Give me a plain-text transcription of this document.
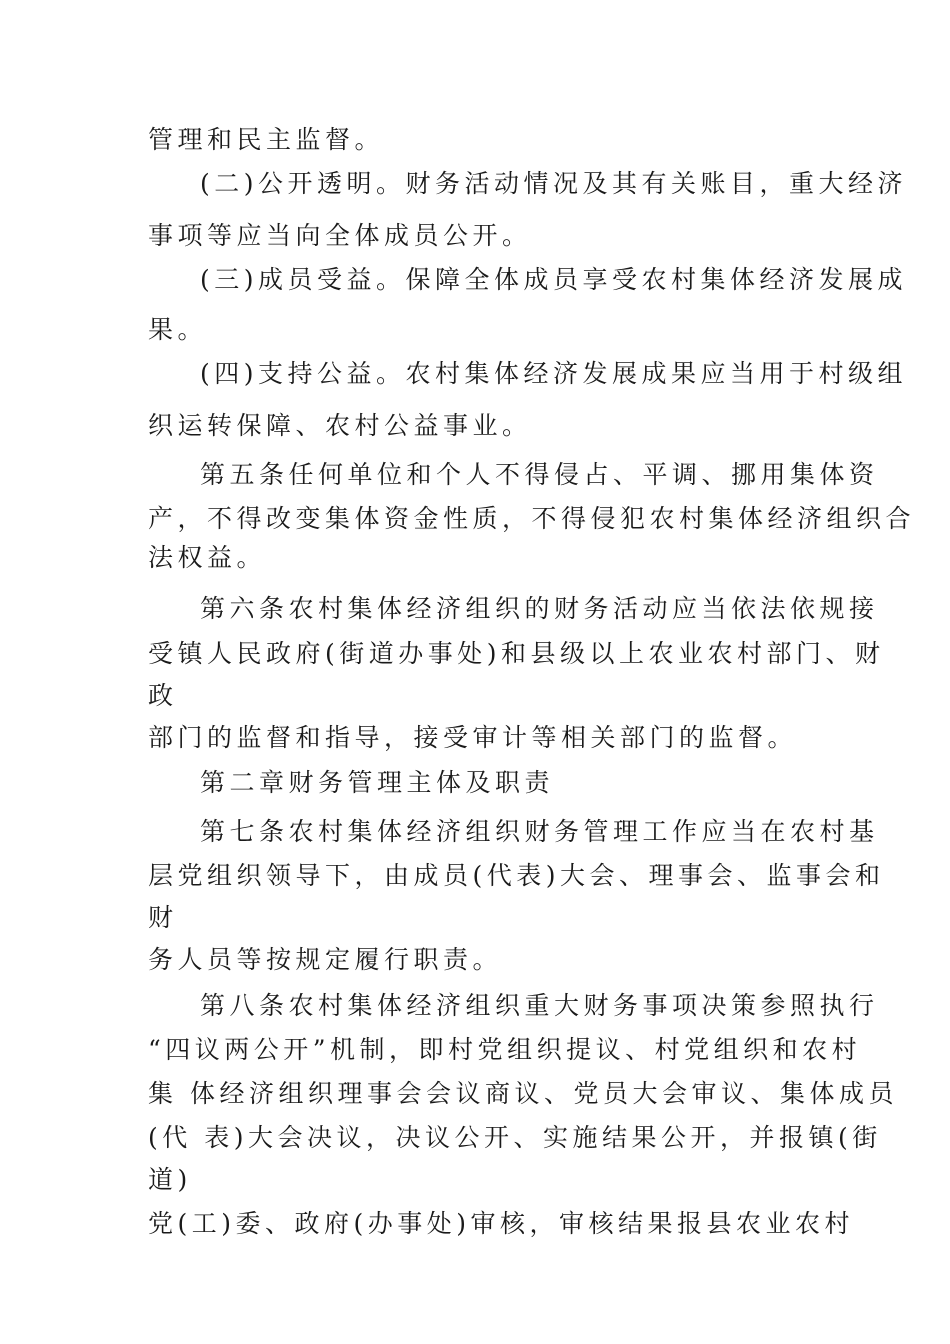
管理和民主监督。
(二)公开透明。财务活动情况及其有关账目，重大经济
事项等应当向全体成员公开。
(三)成员受益。保障全体成员享受农村集体经济发展成
果。
(四)支持公益。农村集体经济发展成果应当用于村级组
织运转保障、农村公益事业。
第五条任何单位和个人不得侵占、平调、挪用集体资
产，不得改变集体资金性质，不得侵犯农村集体经济组织合
法权益。
第六条农村集体经济组织的财务活动应当依法依规接
受镇人民政府(街道办事处)和县级以上农业农村部门、财
政
部门的监督和指导，接受审计等相关部门的监督。
第二章财务管理主体及职责
第七条农村集体经济组织财务管理工作应当在农村基
层党组织领导下，由成员(代表)大会、理事会、监事会和
财
务人员等按规定履行职责。
第八条农村集体经济组织重大财务事项决策参照执行
“四议两公开”机制，即村党组织提议、村党组织和农村
集 体经济组织理事会会议商议、党员大会审议、集体成员
(代 表)大会决议，决议公开、实施结果公开，并报镇(街
道)
党(工)委、政府(办事处)审核，审核结果报县农业农村
